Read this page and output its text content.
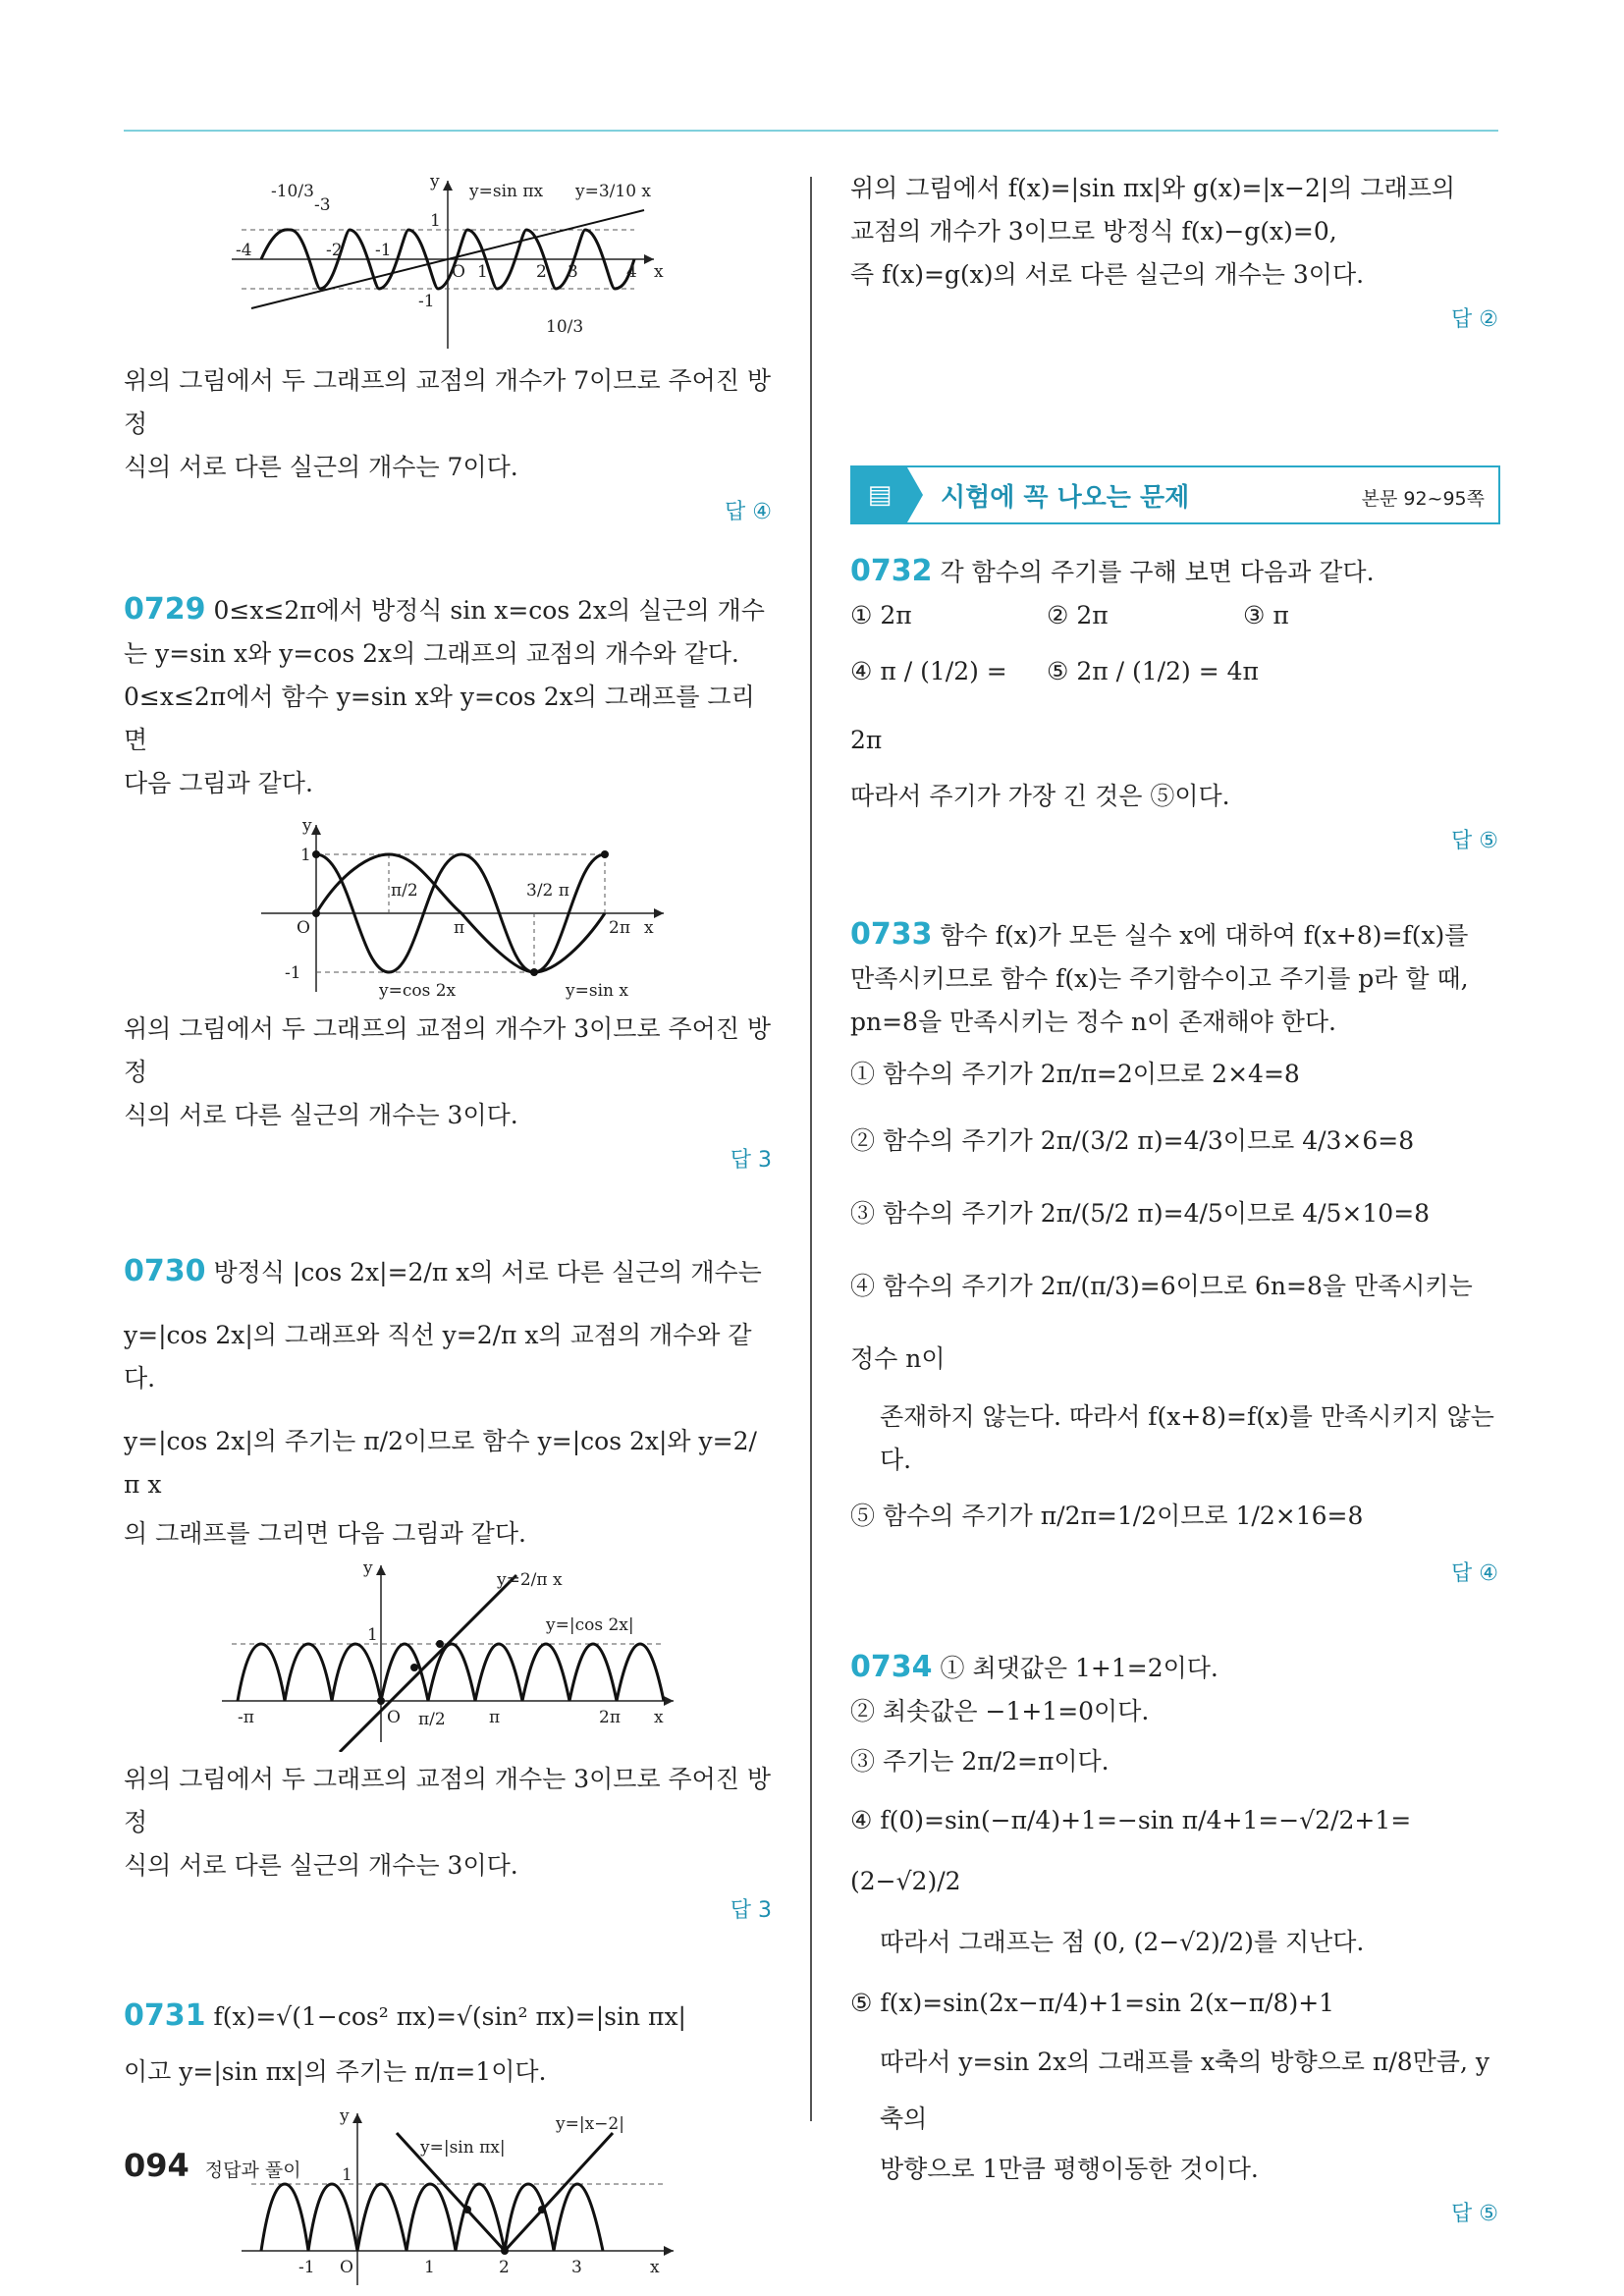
-10/3
-3
-4	-2 -1
O 1	2 3	4 x
y
1
-1
10/3
y=sin πx y=3/10 x

위의 그림에서 두 그래프의 교점의 개수가 7이므로 주어진 방정

식의 서로 다른 실근의 개수는 7이다.

답 ④

0729 0≤x≤2π에서 방정식 sin x=cos 2x의 실근의 개수

는 y=sin x와 y=cos 2x의 그래프의 교점의 개수와 같다.

0≤x≤2π에서 함수 y=sin x와 y=cos 2x의 그래프를 그리면

다음 그림과 같다.

y
1
O
-1
π/2	3/2 π
π	2π x
y=cos 2x	y=sin x

위의 그림에서 두 그래프의 교점의 개수가 3이므로 주어진 방정

식의 서로 다른 실근의 개수는 3이다.

답 3

0730 방정식 |cos 2x|=2/π x의 서로 다른 실근의 개수는

y=|cos 2x|의 그래프와 직선 y=2/π x의 교점의 개수와 같다.

y=|cos 2x|의 주기는 π/2이므로 함수 y=|cos 2x|와 y=2/π x

의 그래프를 그리면 다음 그림과 같다.

y
y=2/π x
y=|cos 2x|
1
-π	O π/2	π	2π x

위의 그림에서 두 그래프의 교점의 개수는 3이므로 주어진 방정

식의 서로 다른 실근의 개수는 3이다.

답 3

0731 f(x)=√(1−cos² πx)=√(sin² πx)=|sin πx|

이고 y=|sin πx|의 주기는 π/π=1이다.

y
y=|sin πx|
y=|x−2|
1
-1 O	1	2	3	x

위의 그림에서 f(x)=|sin πx|와 g(x)=|x−2|의 그래프의

교점의 개수가 3이므로 방정식 f(x)−g(x)=0,

즉 f(x)=g(x)의 서로 다른 실근의 개수는 3이다.

답 ②

▤	시험에 꼭 나오는 문제	본문 92~95쪽

0732 각 함수의 주기를 구해 보면 다음과 같다.

① 2π	② 2π	③ π

④ π / (1/2) = 2π
⑤ 2π / (1/2) = 4π

따라서 주기가 가장 긴 것은 ⑤이다.

답 ⑤

0733 함수 f(x)가 모든 실수 x에 대하여 f(x+8)=f(x)를

만족시키므로 함수 f(x)는 주기함수이고 주기를 p라 할 때,

pn=8을 만족시키는 정수 n이 존재해야 한다.

① 함수의 주기가 2π/π=2이므로 2×4=8

② 함수의 주기가 2π/(3/2 π)=4/3이므로 4/3×6=8

③ 함수의 주기가 2π/(5/2 π)=4/5이므로 4/5×10=8

④ 함수의 주기가 2π/(π/3)=6이므로 6n=8을 만족시키는 정수 n이

존재하지 않는다. 따라서 f(x+8)=f(x)를 만족시키지 않는

다.

⑤ 함수의 주기가 π/2π=1/2이므로 1/2×16=8

답 ④

0734 ① 최댓값은 1+1=2이다.

② 최솟값은 −1+1=0이다.

③ 주기는 2π/2=π이다.

④ f(0)=sin(−π/4)+1=−sin π/4+1=−√2/2+1=(2−√2)/2

따라서 그래프는 점 (0, (2−√2)/2)를 지난다.

⑤ f(x)=sin(2x−π/4)+1=sin 2(x−π/8)+1

따라서 y=sin 2x의 그래프를 x축의 방향으로 π/8만큼, y축의

방향으로 1만큼 평행이동한 것이다.

답 ⑤

094 정답과 풀이
